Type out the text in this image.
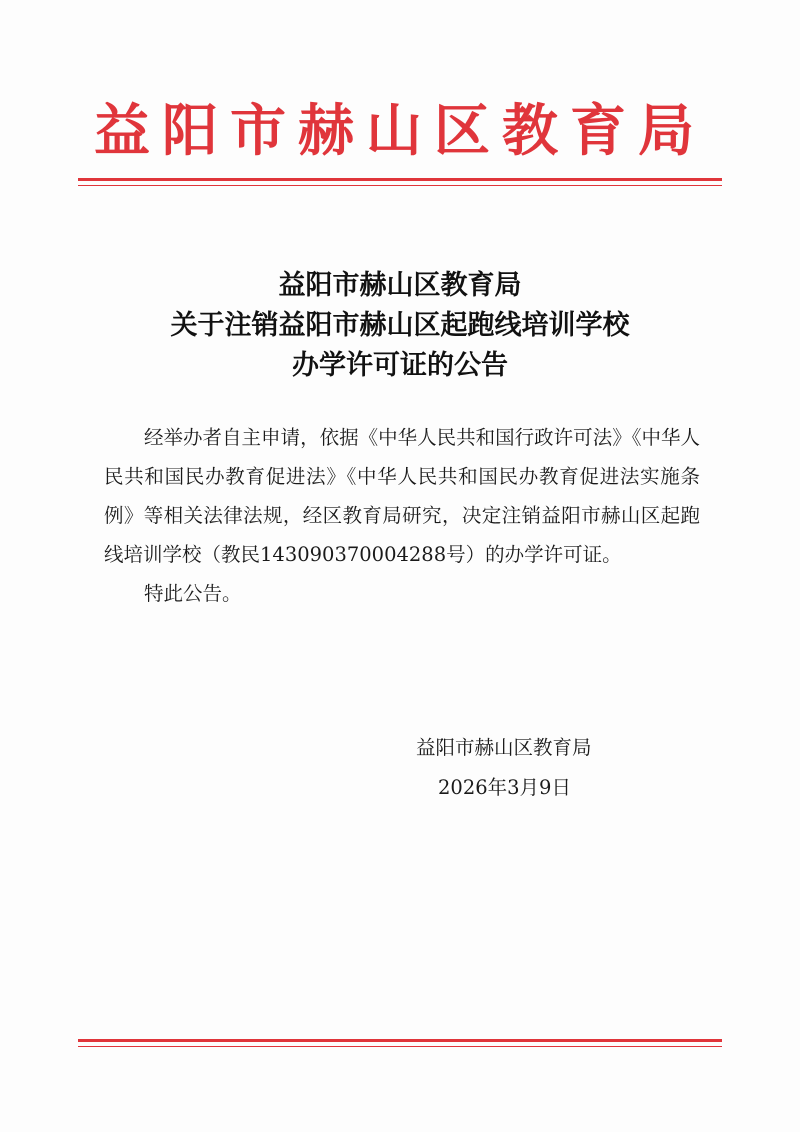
益阳市赫山区教育局
益阳市赫山区教育局
关于注销益阳市赫山区起跑线培训学校
办学许可证的公告

经举办者自主申请，依据《中华人民共和国行政许可法》《中华人民共和国民办教育促进法》《中华人民共和国民办教育促进法实施条例》等相关法律法规，经区教育局研究，决定注销益阳市赫山区起跑线培训学校（教民143090370004288号）的办学许可证。

特此公告。

益阳市赫山区教育局
2026年3月9日
